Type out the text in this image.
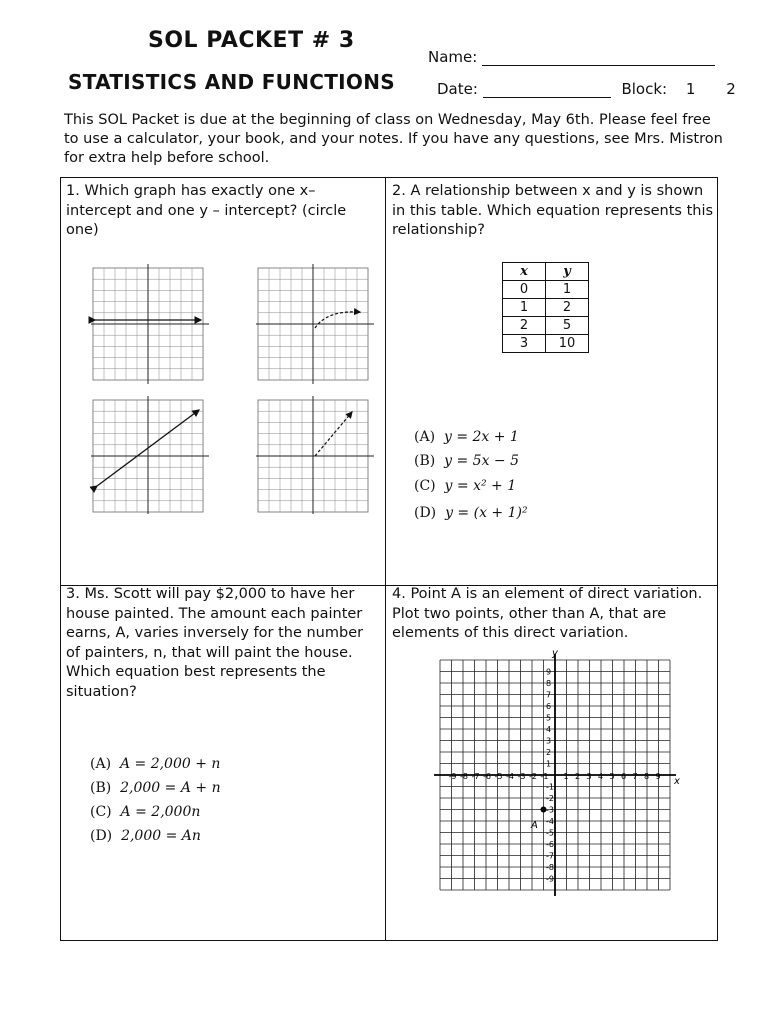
SOL PACKET # 3
STATISTICS AND FUNCTIONS
Name:
Date:	Block: 1 2
This SOL Packet is due at the beginning of class on Wednesday, May 6th. Please feel free to use a calculator, your book, and your notes. If you have any questions, see Mrs. Mistron for extra help before school.
1. Which graph has exactly one x–intercept and one y – intercept? (circle one)
2. A relationship between x and y is shown in this table. Which equation represents this relationship?
x	y
0	1
1	2
2	5
3	10
(A) y = 2x + 1
(B) y = 5x − 5
(C) y = x² + 1
(D) y = (x + 1)²
3. Ms. Scott will pay $2,000 to have her house painted. The amount each painter earns, A, varies inversely for the number of painters, n, that will paint the house. Which equation best represents the situation?
(A) A = 2,000 + n
(B) 2,000 = A + n
(C) A = 2,000n
(D) 2,000 = An
4. Point A is an element of direct variation. Plot two points, other than A, that are elements of this direct variation.
-9
-9
-8
-8
-7
-7
-6
-6
-5
-5
-4
-4
-3
-3
-2
-2
-1
-1
1
1
2
2
3
3
4
4
5
5
6
6
7
7
8
8
9
9
y
x
A
